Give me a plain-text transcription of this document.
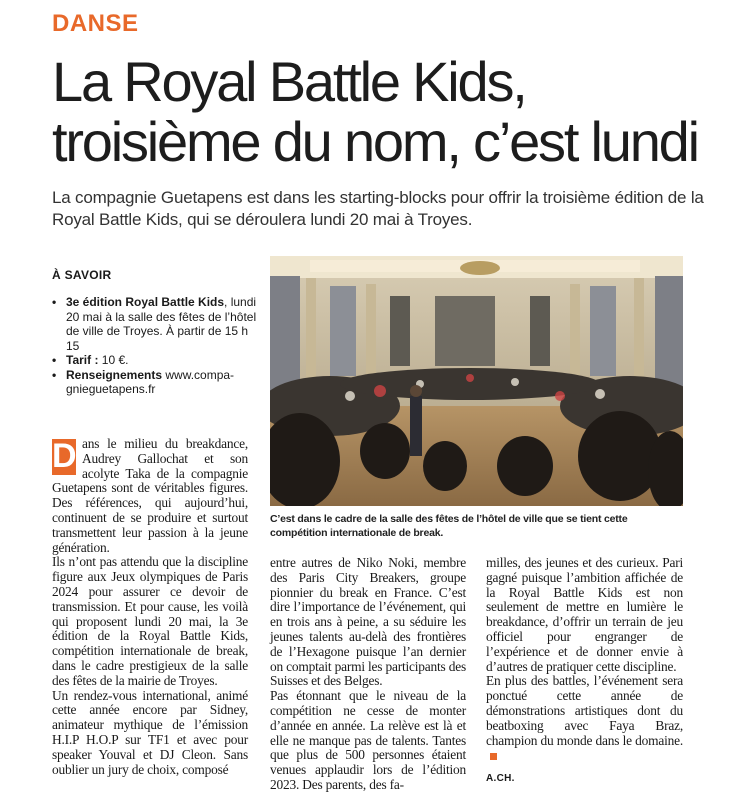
DANSE
La Royal Battle Kids,
troisième du nom, c’est lundi
La compagnie Guetapens est dans les starting-blocks pour offrir la troisième édition de la Royal Battle Kids, qui se déroulera lundi 20 mai à Troyes.
À SAVOIR
• 3e édition Royal Battle Kids, lundi 20 mai à la salle des fêtes de l’hôtel de ville de Troyes. À partir de 15 h 15
• Tarif : 10 €.
• Renseignements www.compa-gnieguetapens.fr
C’est dans le cadre de la salle des fêtes de l’hôtel de ville que se tient cette compétition internationale de break.

D ans le milieu du breakdance, Audrey Gallochat et son acolyte Taka de la compagnie Guetapens sont de véritables figures. Des références, qui aujourd’hui, continuent de se produire et surtout transmettent leur passion à la jeune génération.

Ils n’ont pas attendu que la discipline figure aux Jeux olympiques de Paris 2024 pour assurer ce devoir de transmission. Et pour cause, les voilà qui proposent lundi 20 mai, la 3e édition de la Royal Battle Kids, compétition internationale de break, dans le cadre prestigieux de la salle des fêtes de la mairie de Troyes.

Un rendez-vous international, animé cette année encore par Sidney, animateur mythique de l’émission H.I.P H.O.P sur TF1 et avec pour speaker Youval et DJ Cleon. Sans oublier un jury de choix, composé

entre autres de Niko Noki, membre des Paris City Breakers, groupe pionnier du break en France. C’est dire l’importance de l’événement, qui en trois ans à peine, a su séduire les jeunes talents au-delà des frontières de l’Hexagone puisque l’an dernier on comptait parmi les participants des Suisses et des Belges.

Pas étonnant que le niveau de la compétition ne cesse de monter d’année en année. La relève est là et elle ne manque pas de talents. Tantes que plus de 500 personnes étaient venues applaudir lors de l’édition 2023. Des parents, des fa-

milles, des jeunes et des curieux. Pari gagné puisque l’ambition affichée de la Royal Battle Kids est non seulement de mettre en lumière le breakdance, d’offrir un terrain de jeu officiel pour engranger de l’expérience et de donner envie à d’autres de pratiquer cette discipline.

En plus des battles, l’événement sera ponctué cette année de démonstrations artistiques dont du beatboxing avec Faya Braz, champion du monde dans le domaine.

A.CH.
